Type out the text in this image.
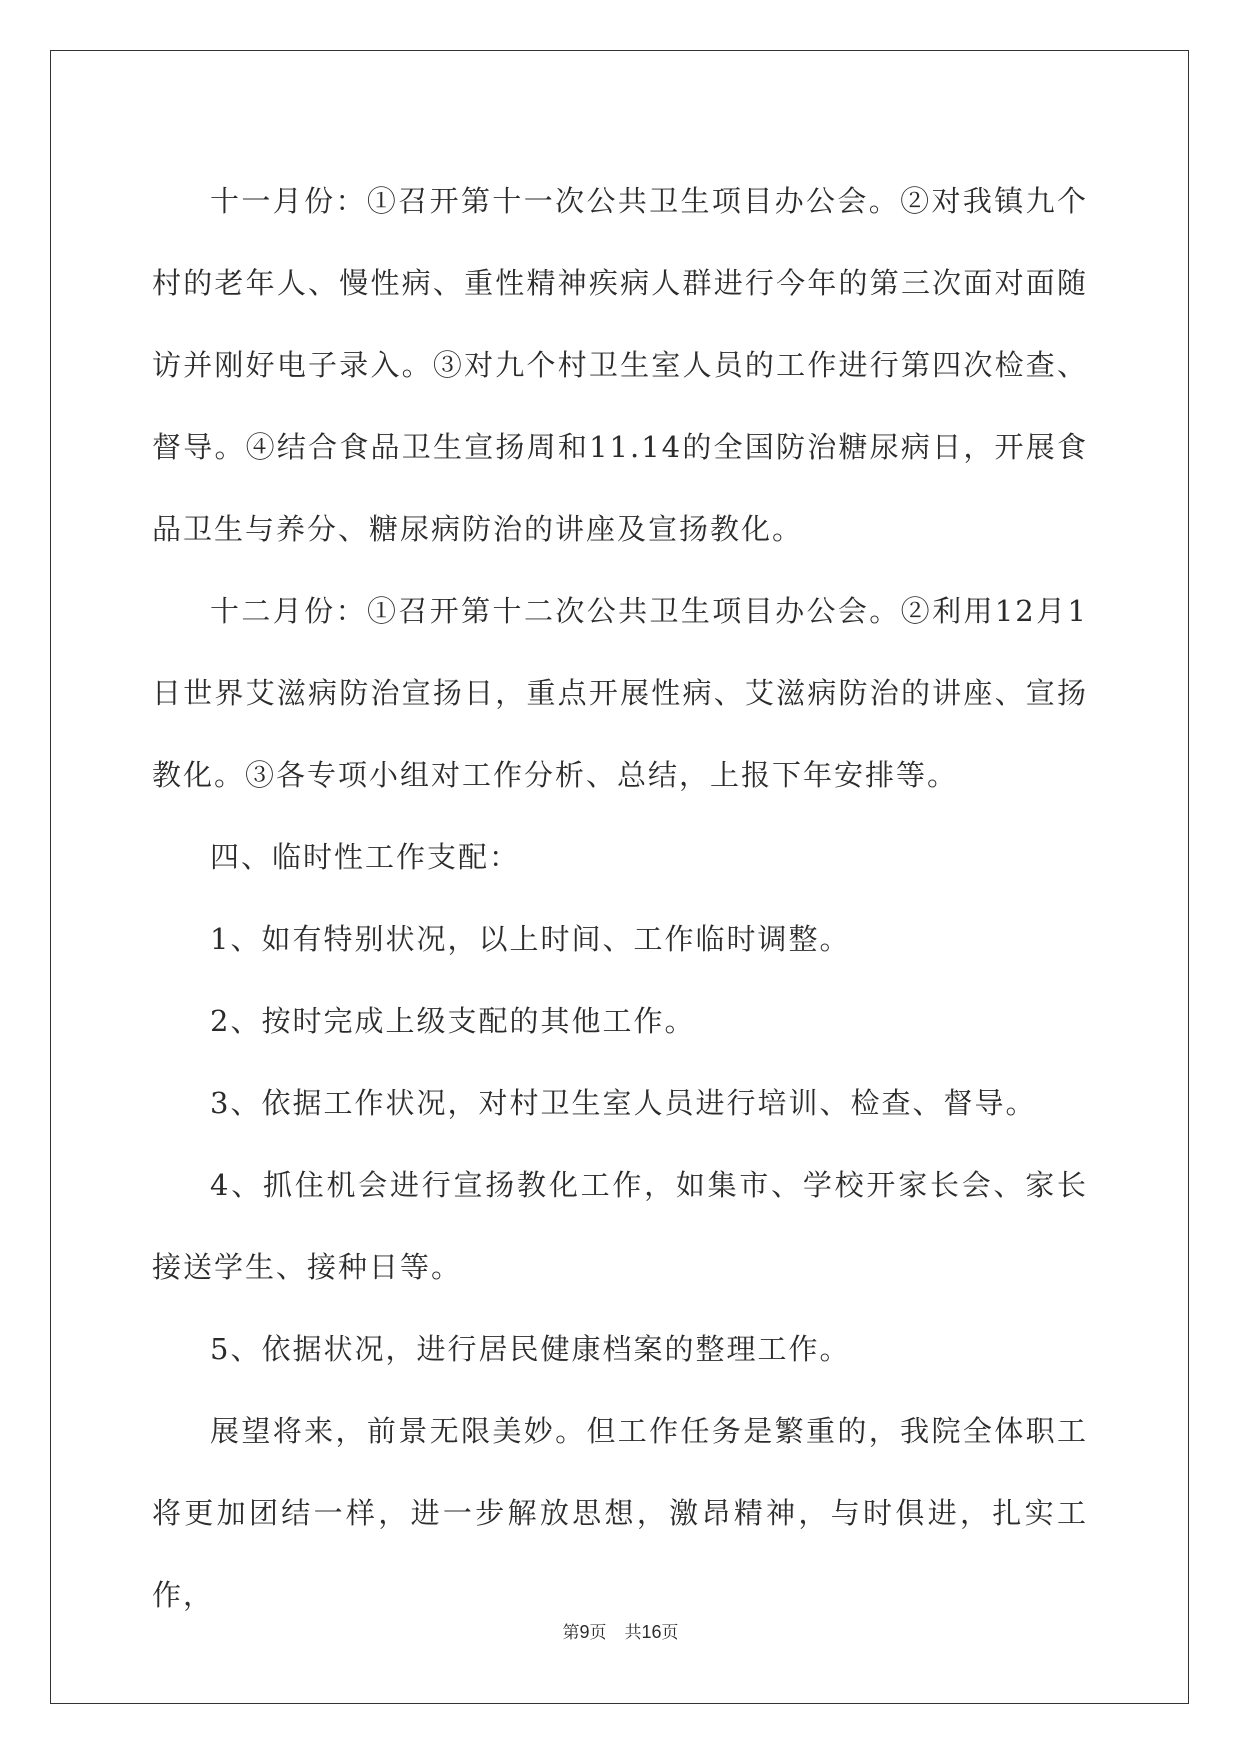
十一月份：①召开第十一次公共卫生项目办公会。②对我镇九个村的老年人、慢性病、重性精神疾病人群进行今年的第三次面对面随访并刚好电子录入。③对九个村卫生室人员的工作进行第四次检查、督导。④结合食品卫生宣扬周和11.14的全国防治糖尿病日，开展食品卫生与养分、糖尿病防治的讲座及宣扬教化。

十二月份：①召开第十二次公共卫生项目办公会。②利用12月1日世界艾滋病防治宣扬日，重点开展性病、艾滋病防治的讲座、宣扬教化。③各专项小组对工作分析、总结，上报下年安排等。

四、临时性工作支配：

1、如有特别状况，以上时间、工作临时调整。

2、按时完成上级支配的其他工作。

3、依据工作状况，对村卫生室人员进行培训、检查、督导。

4、抓住机会进行宣扬教化工作，如集市、学校开家长会、家长接送学生、接种日等。

5、依据状况，进行居民健康档案的整理工作。

展望将来，前景无限美妙。但工作任务是繁重的，我院全体职工将更加团结一样，进一步解放思想，激昂精神，与时俱进，扎实工作，

第9页 共16页
